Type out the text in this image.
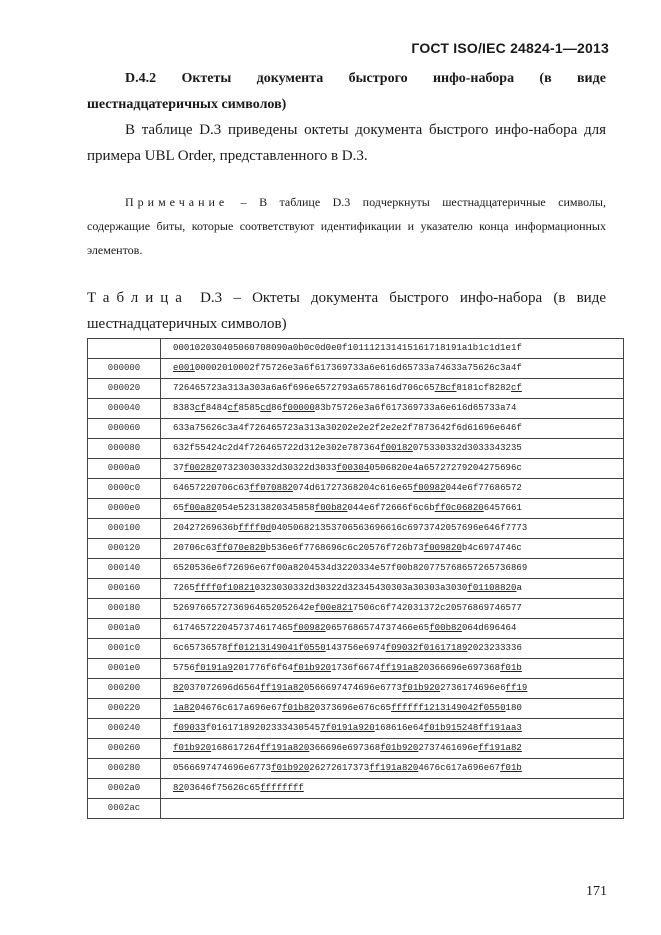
ГОСТ ISO/IEC 24824-1—2013
D.4.2 Октеты документа быстрого инфо-набора (в виде
шестнадцатеричных символов)

В таблице D.3 приведены октеты документа быстрого инфо-набора для примера UBL Order, представленного в D.3.

Примечание – В таблице D.3 подчеркнуты шестнадцатеричные символы, содержащие биты, которые соответствуют идентификации и указателю конца информационных элементов.

Таблица D.3 – Октеты документа быстрого инфо-набора (в виде шестнадцатеричных символов)

	000102030405060708090a0b0c0d0e0f101112131415161718191a1b1c1d1e1f
000000	e00100002010002f75726e3a6f617369733a6e616d65733a74633a75626c3a4f
000020	726465723a313a303a6a6f696e6572793a6578616d706c6578cf8181cf8282cf
000040	8383cf8484cf8585cd86f0000083b75726e3a6f617369733a6e616d65733a74
000060	633a75626c3a4f726465723a313a30202e2e2f2e2e2f7873642f6d61696e646f
000080	632f55424c2d4f726465722d312e302e787364f00182075330332d3033343235
0000a0	37f0028207323030332d30322d3033f003040506820e4a65727279204275696c
0000c0	64657220706c63ff070882074d61727368204c616e65f00982044e6f77686572
0000e0	65f00a82054e52313820345858f00b82044e6f72666f6c6bff0c068206457661
000100	20427269636bffff0d040506821353706563696616c6973742057696e646f7773
000120	20706c63ff070e820b536e6f7768696c6c20576f726b73f009820b4c6974746c
000140	6520536e6f72696e67f00a8204534d3220334e57f00b820775768657265736869
000160	7265ffff0f108210323030332d30322d32345430303a30303a3030f01108820a
000180	5269766572736964652052642ef00e8217506c6f742031372c20576869746577
0001a0	6174657220457374617465f009820657686574737466e65f00b82064d696464
0001c0	6c65736578ff01213149041f0550143756e6974f09032f016171892023233336
0001e0	5756f0191a9201776f6f64f01b9201736f6674ff191a820366696e697368f01b
000200	82037072696d6564ff191a820566697474696e6773f01b9202736174696e6ff19
000220	1a8204676c617a696e67f01b820373696e676c65ffffff1213149042f0550180
000240	f09033f016171892023334305457f0191a920168616e64f01b915248ff191aa3
000260	f01b920168617264ff191a820366696e697368f01b9202737461696eff191a82
000280	0566697474696e6773f01b92026272617373ff191a8204676c617a696e67f01b
0002a0	8203646f75626c65ffffffff
0002ac	
171
